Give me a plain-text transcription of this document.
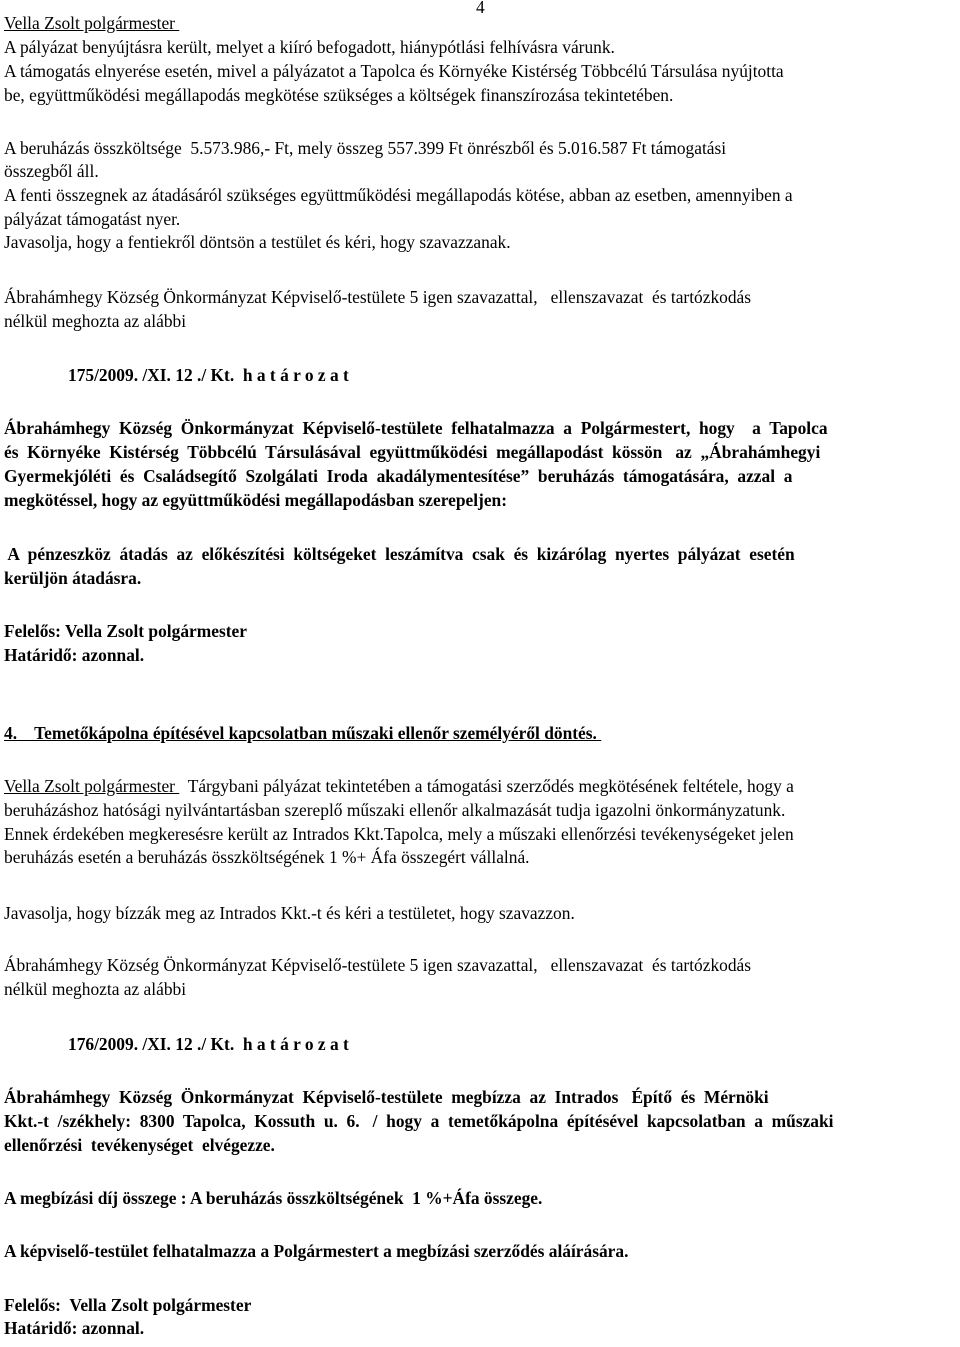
4
Vella Zsolt polgármester
A pályázat benyújtásra került, melyet a kiíró befogadott, hiánypótlási felhívásra várunk.
A támogatás elnyerése esetén, mivel a pályázatot a Tapolca és Környéke Kistérség Többcélú Társulása nyújtotta
be, együttműködési megállapodás megkötése szükséges a költségek finanszírozása tekintetében.
A beruházás összköltsége  5.573.986,- Ft, mely összeg 557.399 Ft önrészből és 5.016.587 Ft támogatási
összegből áll.
A fenti összegnek az átadásáról szükséges együttműködési megállapodás kötése, abban az esetben, amennyiben a
pályázat támogatást nyer.
Javasolja, hogy a fentiekről döntsön a testület és kéri, hogy szavazzanak.
Ábrahámhegy Község Önkormányzat Képviselő-testülete 5 igen szavazattal,   ellenszavazat  és tartózkodás
nélkül meghozta az alábbi
175/2009. /XI. 12 ./ Kt.  h a t á r o z a t
Ábrahámhegy  Község  Önkormányzat  Képviselő-testülete  felhatalmazza  a  Polgármestert,  hogy    a  Tapolca
és  Környéke  Kistérség  Többcélú  Társulásával  együttműködési  megállapodást  kössön   az  „Ábrahámhegyi
Gyermekjóléti  és  Családsegítő  Szolgálati  Iroda  akadálymentesítése”  beruházás  támogatására,  azzal  a
megkötéssel, hogy az együttműködési megállapodásban szerepeljen:
A  pénzeszköz  átadás  az  előkészítési  költségeket  leszámítva  csak  és  kizárólag  nyertes  pályázat  esetén
kerüljön átadásra.
Felelős: Vella Zsolt polgármester
Határidő: azonnal.
4.    Temetőkápolna építésével kapcsolatban műszaki ellenőr személyéről döntés.
Vella Zsolt polgármester   Tárgybani pályázat tekintetében a támogatási szerződés megkötésének feltétele, hogy a
beruházáshoz hatósági nyilvántartásban szereplő műszaki ellenőr alkalmazását tudja igazolni önkormányzatunk.
Ennek érdekében megkeresésre került az Intrados Kkt.Tapolca, mely a műszaki ellenőrzési tevékenységeket jelen
beruházás esetén a beruházás összköltségének 1 %+ Áfa összegért vállalná.
Javasolja, hogy bízzák meg az Intrados Kkt.-t és kéri a testületet, hogy szavazzon.
Ábrahámhegy Község Önkormányzat Képviselő-testülete 5 igen szavazattal,   ellenszavazat  és tartózkodás
nélkül meghozta az alábbi
176/2009. /XI. 12 ./ Kt.  h a t á r o z a t
Ábrahámhegy  Község  Önkormányzat  Képviselő-testülete  megbízza  az  Intrados   Építő  és  Mérnöki
Kkt.-t  /székhely:  8300  Tapolca,  Kossuth  u.  6.   /  hogy  a  temetőkápolna  építésével  kapcsolatban  a  műszaki
ellenőrzési  tevékenységet  elvégezze.
A megbízási díj összege : A beruházás összköltségének  1 %+Áfa összege.
A képviselő-testület felhatalmazza a Polgármestert a megbízási szerződés aláírására.
Felelős:  Vella Zsolt polgármester
Határidő: azonnal.
